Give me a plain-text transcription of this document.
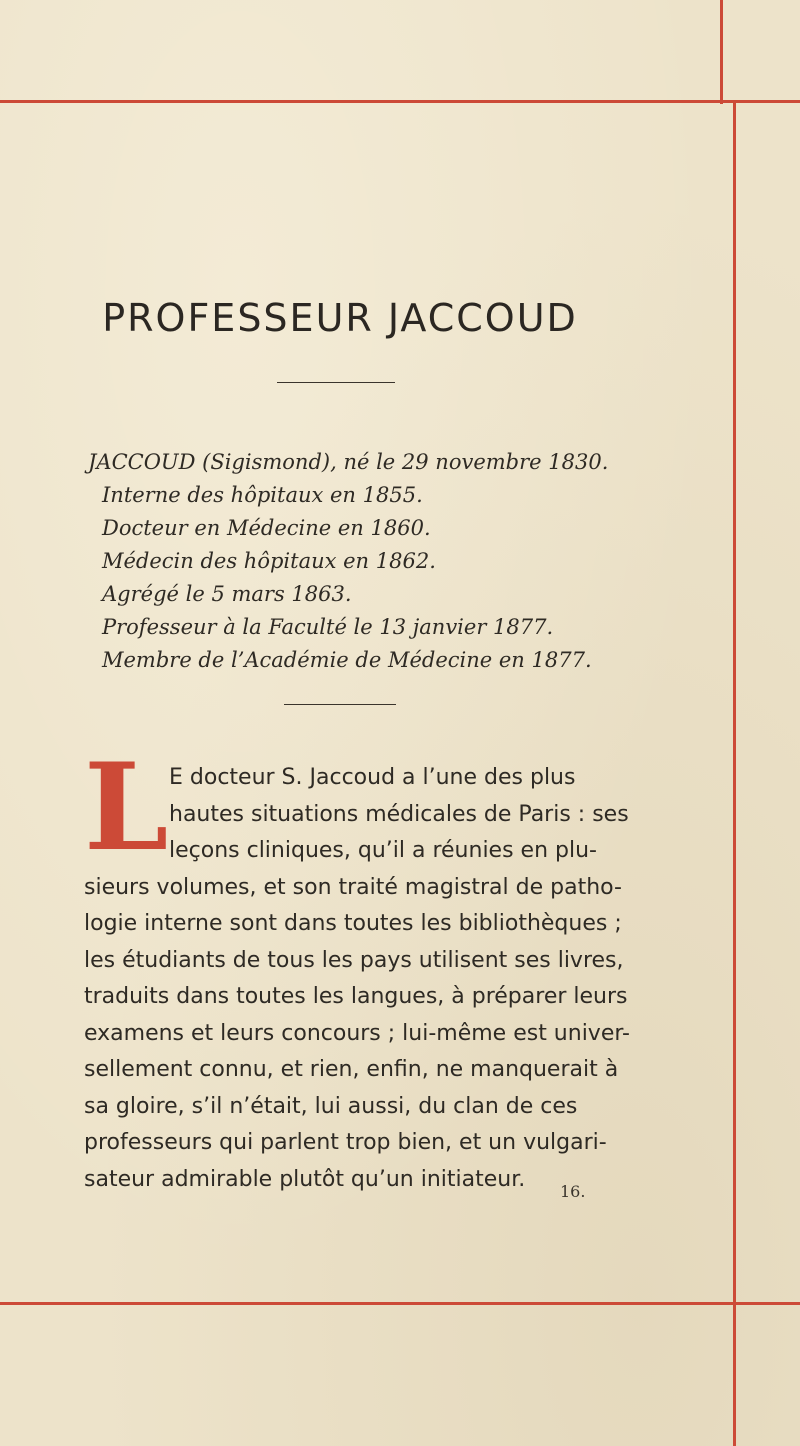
PROFESSEUR JACCOUD
JACCOUD (Sigismond), né le 29 novembre 1830.
Interne des hôpitaux en 1855.
Docteur en Médecine en 1860.
Médecin des hôpitaux en 1862.
Agrégé le 5 mars 1863.
Professeur à la Faculté le 13 janvier 1877.
Membre de l’Académie de Médecine en 1877.
L E docteur S. Jaccoud a l’une des plus
hautes situations médicales de Paris : ses
leçons cliniques, qu’il a réunies en plu-
sieurs volumes, et son traité magistral de patho-
logie interne sont dans toutes les bibliothèques ;
les étudiants de tous les pays utilisent ses livres,
traduits dans toutes les langues, à préparer leurs
examens et leurs concours ; lui-même est univer-
sellement connu, et rien, enfin, ne manquerait à
sa gloire, s’il n’était, lui aussi, du clan de ces
professeurs qui parlent trop bien, et un vulgari-
sateur admirable plutôt qu’un initiateur.	16.
